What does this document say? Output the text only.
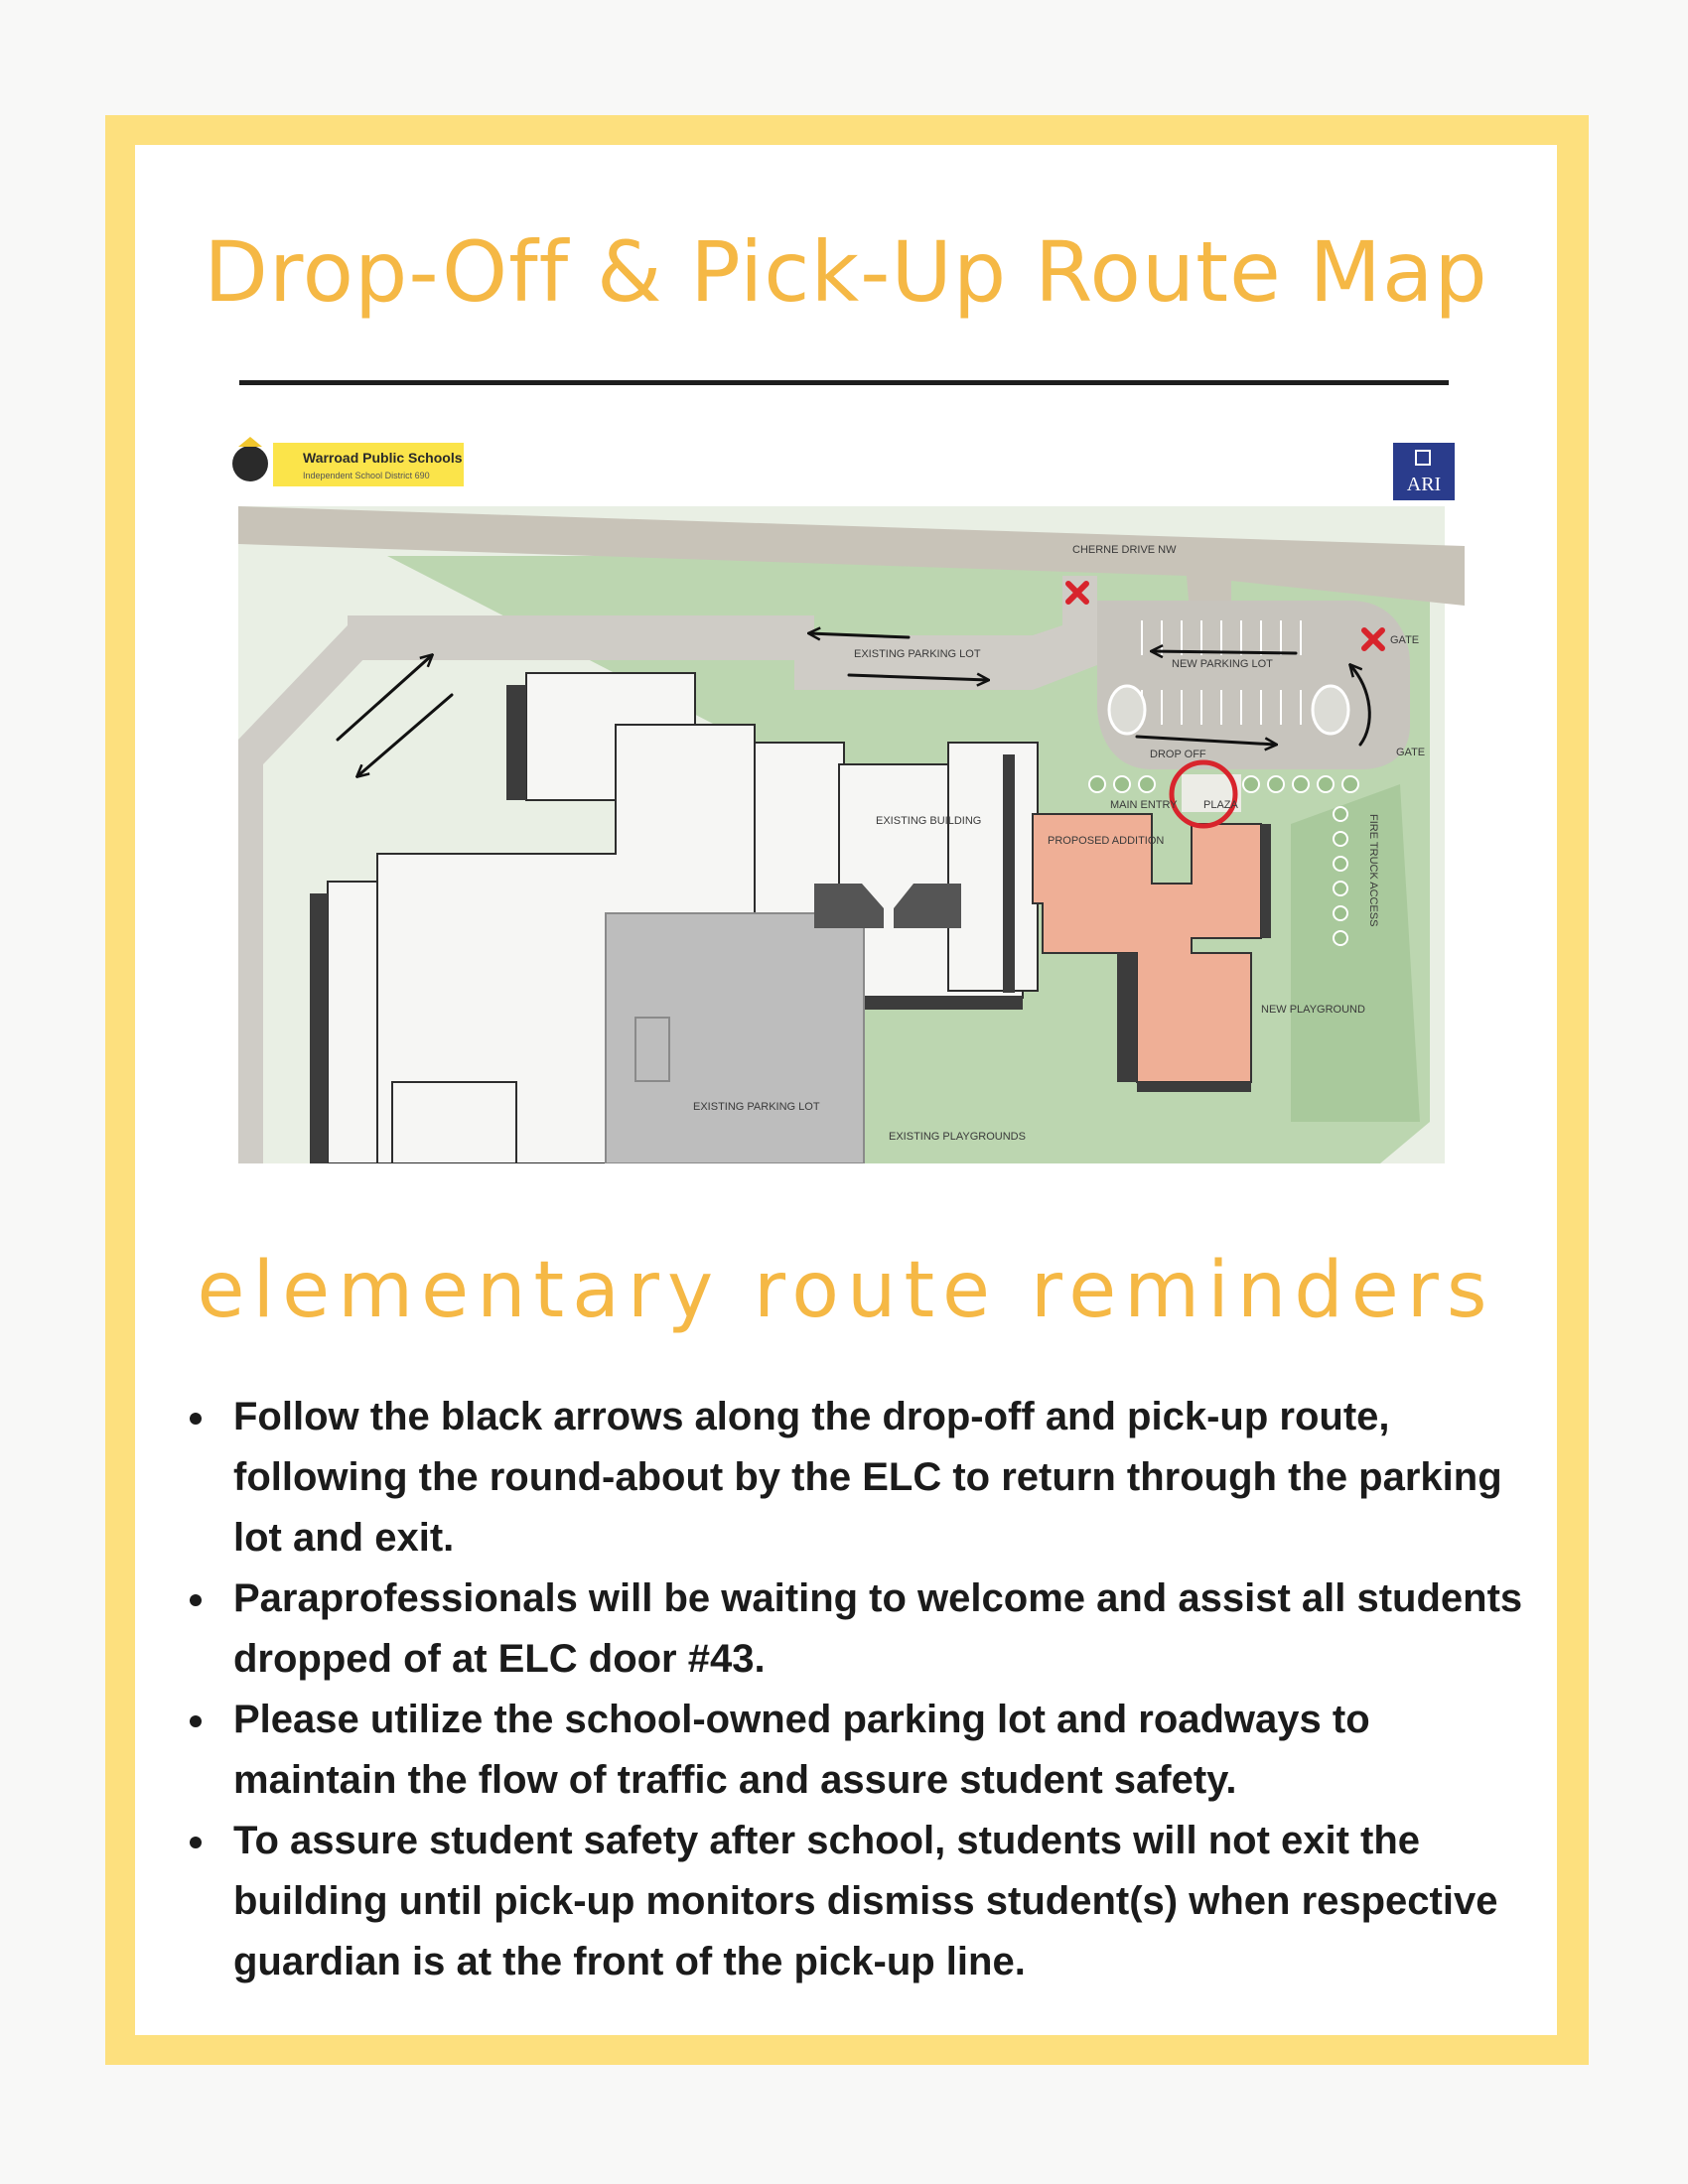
Drop-Off & Pick-Up Route Map
CHERNE DRIVE NW
EXISTING PARKING LOT
NEW PARKING LOT
GATE
GATE
DROP OFF
MAIN ENTRY PLAZA
EXISTING BUILDING
PROPOSED ADDITION	FIRE TRUCK ACCESS
NEW PLAYGROUND
EXISTING PARKING LOT
EXISTING PLAYGROUNDS
Warroad Public Schools
Independent School District 690	ARI
elementary route reminders
Follow the black arrows along the drop-off and pick-up route, following the round-about by the ELC to return through the parking lot and exit.
Paraprofessionals will be waiting to welcome and assist all students dropped of at ELC door #43.
Please utilize the school-owned parking lot and roadways to maintain the flow of traffic and assure student safety.
To assure student safety after school, students will not exit the building until pick-up monitors dismiss student(s) when respective guardian is at the front of the pick-up line.
